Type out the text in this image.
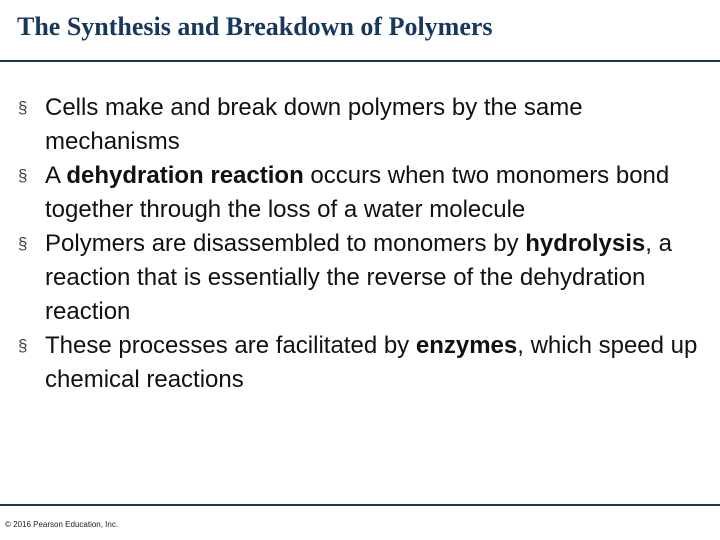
The Synthesis and Breakdown of Polymers
§ Cells make and break down polymers by the same mechanisms
§ A dehydration reaction occurs when two monomers bond together through the loss of a water molecule
§ Polymers are disassembled to monomers by hydrolysis, a reaction that is essentially the reverse of the dehydration reaction
§ These processes are facilitated by enzymes, which speed up chemical reactions
© 2016 Pearson Education, Inc.
